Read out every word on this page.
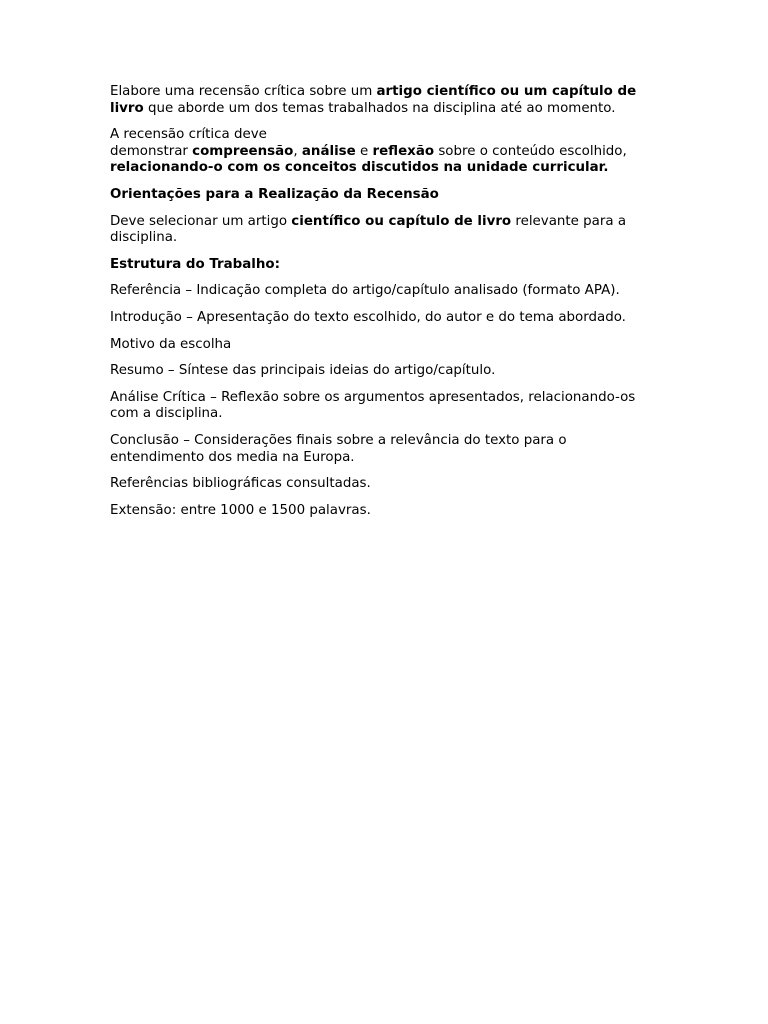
Elabore uma recensão crítica sobre um artigo científico ou um capítulo de livro que aborde um dos temas trabalhados na disciplina até ao momento.

A recensão crítica deve
demonstrar compreensão, análise e reflexão sobre o conteúdo escolhido, relacionando-o com os conceitos discutidos na unidade curricular.

Orientações para a Realização da Recensão

Deve selecionar um artigo científico ou capítulo de livro relevante para a disciplina.

Estrutura do Trabalho:

Referência – Indicação completa do artigo/capítulo analisado (formato APA).

Introdução – Apresentação do texto escolhido, do autor e do tema abordado.

Motivo da escolha

Resumo – Síntese das principais ideias do artigo/capítulo.

Análise Crítica – Reflexão sobre os argumentos apresentados, relacionando-os com a disciplina.

Conclusão – Considerações finais sobre a relevância do texto para o entendimento dos media na Europa.

Referências bibliográficas consultadas.

Extensão: entre 1000 e 1500 palavras.
